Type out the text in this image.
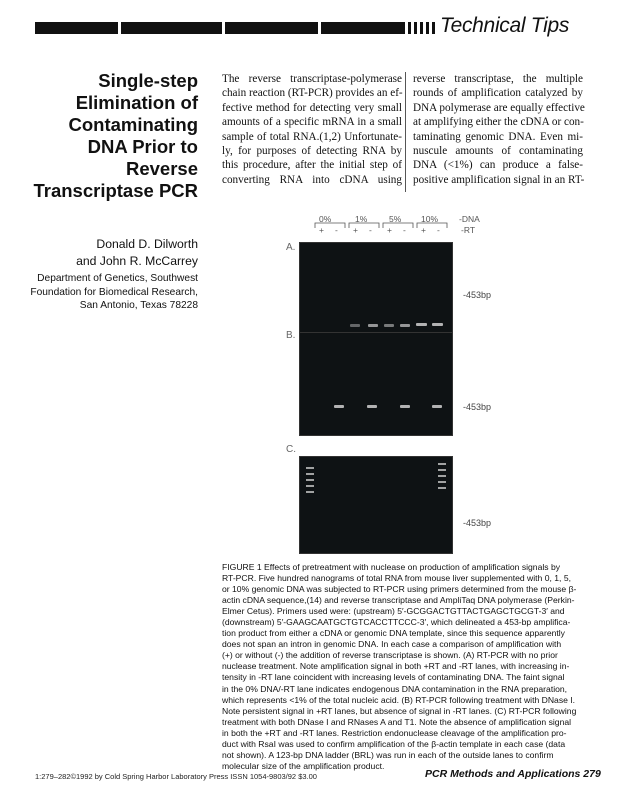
Technical Tips
Single-step
Elimination of
Contaminating
DNA Prior to
Reverse
Transcriptase PCR
Donald D. Dilworth
and John R. McCarrey
Department of Genetics, Southwest
Foundation for Biomedical Research,
San Antonio, Texas 78228
The reverse transcriptase-polymerase
chain reaction (RT-PCR) provides an ef-
fective method for detecting very small
amounts of a specific mRNA in a small
sample of total RNA.(1,2) Unfortunate-
ly, for purposes of detecting RNA by
this procedure, after the initial step of
converting RNA into cDNA using
reverse transcriptase, the multiple
rounds of amplification catalyzed by
DNA polymerase are equally effective
at amplifying either the cDNA or con-
taminating genomic DNA. Even mi-
nuscule amounts of contaminating
DNA (<1%) can produce a false-
positive amplification signal in an RT-
0%	1%	5% 10% -DNA
+ - + - + - + - -RT
A.
-453bp
B.
-453bp
C.
-453bp
FIGURE 1 Effects of pretreatment with nuclease on production of amplification signals by
RT-PCR. Five hundred nanograms of total RNA from mouse liver supplemented with 0, 1, 5,
or 10% genomic DNA was subjected to RT-PCR using primers determined from the mouse β-
actin cDNA sequence,(14) and reverse transcriptase and AmpliTaq DNA polymerase (Perkin-
Elmer Cetus). Primers used were: (upstream) 5′-GCGGACTGTTACTGAGCTGCGT-3′ and
(downstream) 5′-GAAGCAATGCTGTCACCTTCCC-3′, which delineated a 453-bp amplifica-
tion product from either a cDNA or genomic DNA template, since this sequence apparently
does not span an intron in genomic DNA. In each case a comparison of amplification with
(+) or without (-) the addition of reverse transcriptase is shown. (A) RT-PCR with no prior
nuclease treatment. Note amplification signal in both +RT and -RT lanes, with increasing in-
tensity in -RT lane coincident with increasing levels of contaminating DNA. The faint signal
in the 0% DNA/-RT lane indicates endogenous DNA contamination in the RNA preparation,
which represents <1% of the total nucleic acid. (B) RT-PCR following treatment with DNase I.
Note persistent signal in +RT lanes, but absence of signal in -RT lanes. (C) RT-PCR following
treatment with both DNase I and RNases A and T1. Note the absence of amplification signal
in both the +RT and -RT lanes. Restriction endonuclease cleavage of the amplification pro-
duct with RsaI was used to confirm amplification of the β-actin template in each case (data
not shown). A 123-bp DNA ladder (BRL) was run in each of the outside lanes to confirm
molecular size of the amplification product.
1:279–282©1992 by Cold Spring Harbor Laboratory Press ISSN 1054-9803/92 $3.00	PCR Methods and Applications 279
